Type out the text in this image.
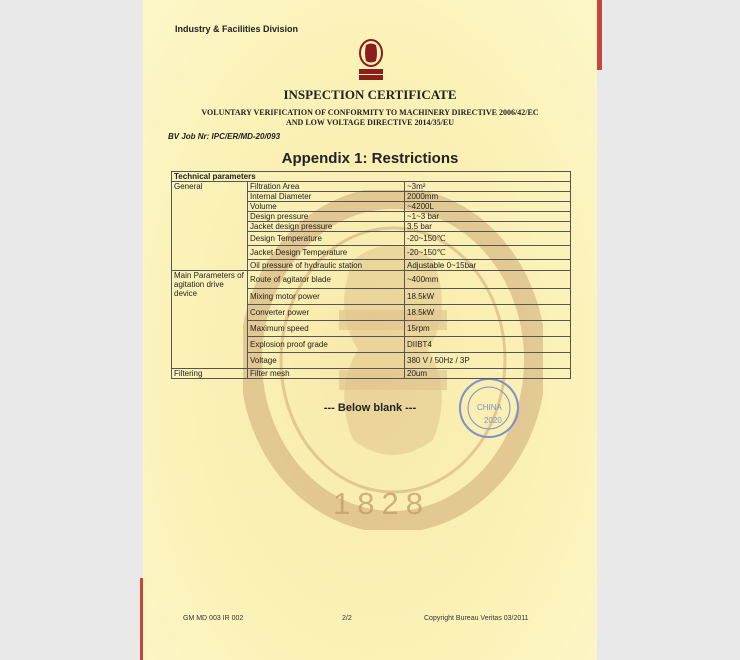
1828
CHINA
2020
Industry & Facilities Division
INSPECTION CERTIFICATE
VOLUNTARY VERIFICATION OF CONFORMITY TO MACHINERY DIRECTIVE 2006/42/EC
AND LOW VOLTAGE DIRECTIVE 2014/35/EU
BV Job Nr: IPC/ER/MD-20/093
Appendix 1: Restrictions
Technical parameters		
General	Filtration Area	~3m²
	Internal Diameter	2000mm
	Volume	~4200L
	Design pressure	~1~3 bar
	Jacket design pressure	3.5 bar
	Design Temperature	-20~150℃
	Jacket Design Temperature	-20~150℃
	Oil pressure of hydraulic station	Adjustable 0~15bar
Main Parameters of agitation drive device	Route of agitator blade	~400mm
	Mixing motor power	18.5kW
	Converter power	18.5kW
	Maximum speed	15rpm
	Explosion proof grade	DIIBT4
	Voltage	380 V / 50Hz / 3P
Filtering	Filter mesh	20um
--- Below blank ---
GM MD 003 IR 002	2/2	Copyright Bureau Veritas 03/2011
